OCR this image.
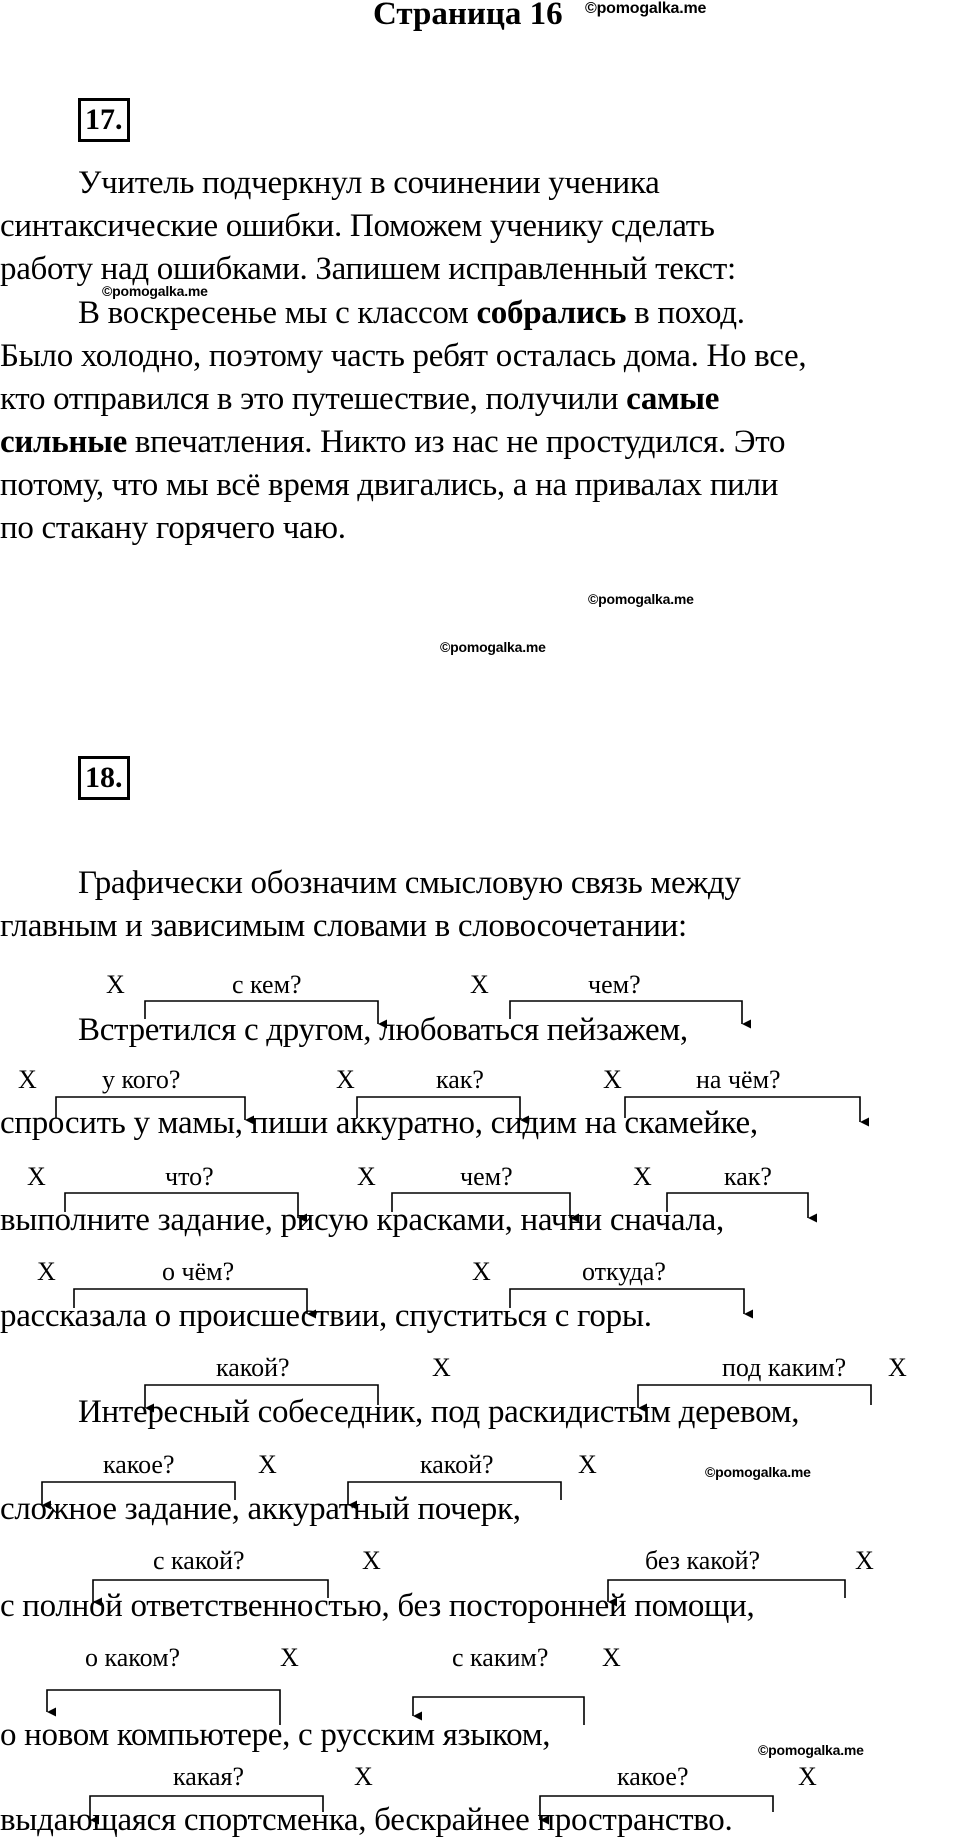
Страница 16 ©pomogalka.me
17.
Учитель подчеркнул в сочинении ученика
синтаксические ошибки. Поможем ученику сделать
работу над ошибками. Запишем исправленный текст:
©pomogalka.me
В воскресенье мы с классом собрались в поход.
Было холодно, поэтому часть ребят осталась дома. Но все,
кто отправился в это путешествие, получили самые
сильные впечатления. Никто из нас не простудился. Это
потому, что мы всё время двигались, а на привалах пили
©pomogalka.me
по стакану горячего чаю.
©pomogalka.me
18.
Графически обозначим смысловую связь между
главным и зависимым словами в словосочетании:
X	с кем?	X	чем?
Встретился с другом, любоваться пейзажем,
X	у кого?	X	как?	X	на чём?
спросить у мамы, пиши аккуратно, сидим на скамейке,
X	что?	X	чем?	X	как?
выполните задание, рисую красками, начни сначала,
X	о чём?	X	откуда?
рассказала о происшествии, спуститься с горы.
какой?	X	под каким? X
Интересный собеседник, под раскидистым деревом,
какое?	X	какой?	X	©pomogalka.me
сложное задание, аккуратный почерк,
с какой?	X	без какой?	X
с полной ответственностью, без посторонней помощи,
о каком?	X	с каким? X
о новом компьютере, с русским языком,	©pomogalka.me
какая?	X	какое?	X
выдающаяся спортсменка, бескрайнее пространство.
